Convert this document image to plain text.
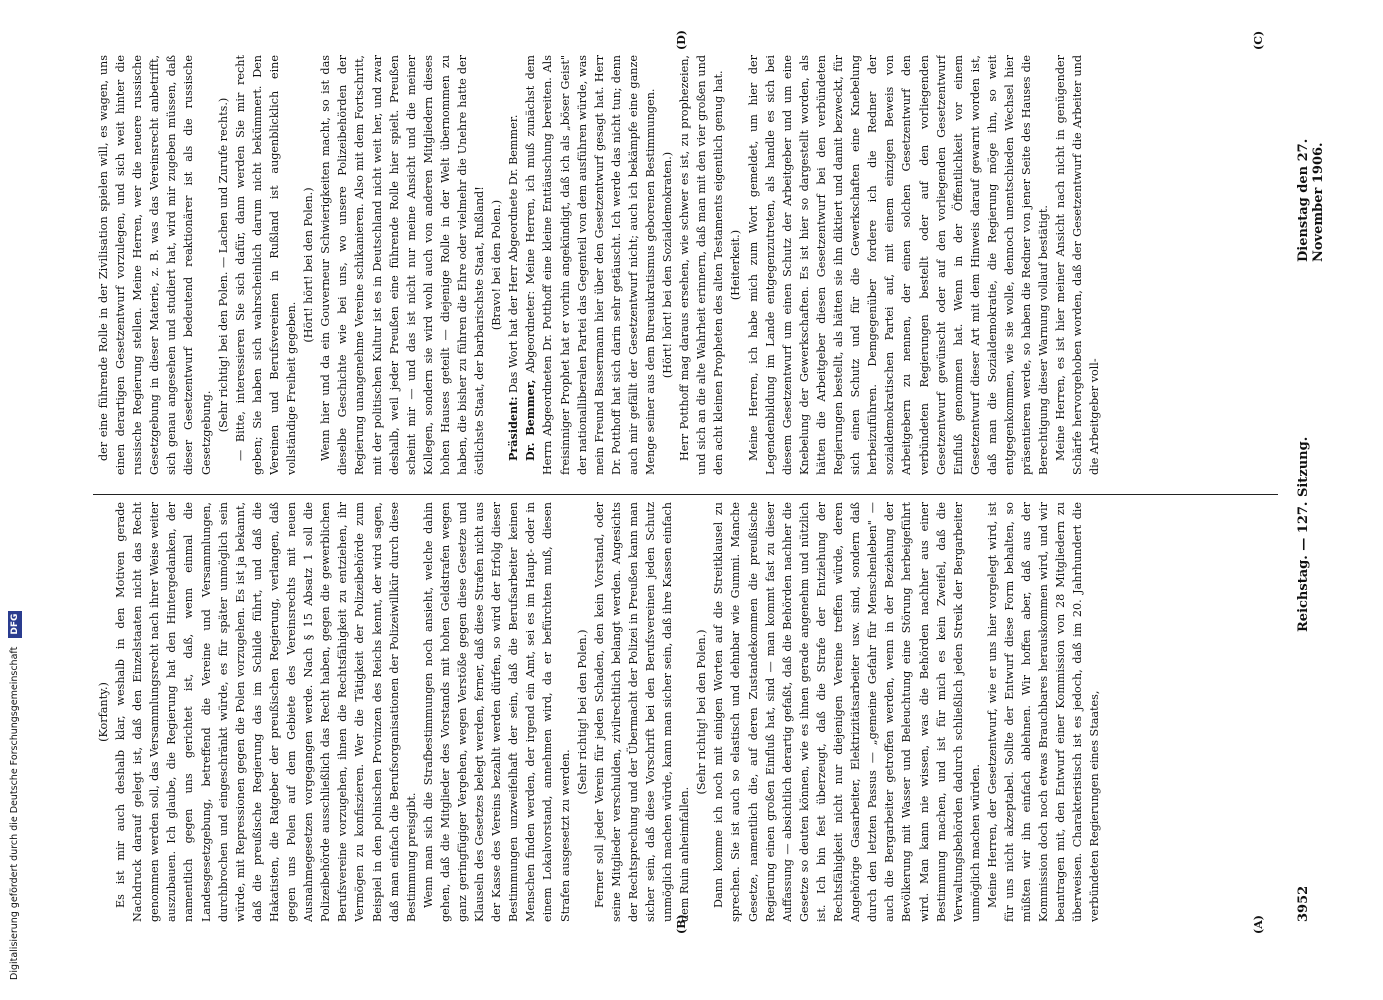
3952
Reichstag. — 127. Sitzung.
Dienstag den 27. November 1906.
(A)
(B)
(C)
(D)

(Korfanty.) Es ist mir auch deshalb klar, weshalb in den Motiven gerade Nachdruck darauf gelegt ist, daß den Einzelstaaten nicht das Recht genommen werden soll, das Versammlungsrecht nach ihrer Weise weiter auszubauen. Ich glaube, die Regierung hat den Hintergedanken, der namentlich gegen uns gerichtet ist, daß, wenn einmal die Landesgesetzgebung, betreffend die Vereine und Versammlungen, durchbrochen und eingeschränkt würde, es für später unmöglich sein würde, mit Repressionen gegen die Polen vorzugehen. Es ist ja bekannt, daß die preußische Regierung das im Schilde führt, und daß die Hakatisten, die Ratgeber der preußischen Regierung, verlangen, daß gegen uns Polen auf dem Gebiete des Vereinsrechts mit neuen Ausnahmegesetzen vorgegangen werde. Nach § 15 Absatz 1 soll die Polizeibehörde ausschließlich das Recht haben, gegen die gewerblichen Berufsvereine vorzugehen, ihnen die Rechtsfähigkeit zu entziehen, ihr Vermögen zu konfiszieren. Wer die Tätigkeit der Polizeibehörde zum Beispiel in den polnischen Provinzen des Reichs kennt, der wird sagen, daß man einfach die Berufsorganisationen der Polizeiwillkür durch diese Bestimmung preisgibt. Wenn man sich die Strafbestimmungen noch ansieht, welche dahin gehen, daß die Mitglieder des Vorstands mit hohen Geldstrafen wegen ganz geringfügiger Vergehen, wegen Verstöße gegen diese Gesetze und Klauseln des Gesetzes belegt werden, ferner, daß diese Strafen nicht aus der Kasse des Vereins bezahlt werden dürfen, so wird der Erfolg dieser Bestimmungen unzweifelhaft der sein, daß die Berufsarbeiter keinen Menschen finden werden, der irgend ein Amt, sei es im Haupt- oder in einem Lokalvorstand, annehmen wird, da er befürchten muß, diesen Strafen ausgesetzt zu werden.

(Sehr richtig! bei den Polen.) Ferner soll jeder Verein für jeden Schaden, den kein Vorstand, oder seine Mitglieder verschulden, zivilrechtlich belangt werden. Angesichts der Rechtsprechung und der Übermacht der Polizei in Preußen kann man sicher sein, daß diese Vorschrift bei den Berufsvereinen jeden Schutz unmöglich machen würde, kann man sicher sein, daß ihre Kassen einfach dem Ruin anheimfallen.

(Sehr richtig! bei den Polen.) Dann komme ich noch mit einigen Worten auf die Streitklausel zu sprechen. Sie ist auch so elastisch und dehnbar wie Gummi. Manche Gesetze, namentlich die, auf deren Zustandekommen die preußische Regierung einen großen Einfluß hat, sind — man kommt fast zu dieser Auffassung — absichtlich derartig gefaßt, daß die Behörden nachher die Gesetze so deuten können, wie es ihnen gerade angenehm und nützlich ist. Ich bin fest überzeugt, daß die Strafe der Entziehung der Rechtsfähigkeit nicht nur diejenigen Vereine treffen würde, deren Angehörige Gasarbeiter, Elektrizitätsarbeiter usw. sind, sondern daß durch den letzten Passus — „gemeine Gefahr für Menschenleben" — auch die Bergarbeiter getroffen werden, wenn in der Beziehung der Bevölkerung mit Wasser und Beleuchtung eine Störung herbeigeführt wird. Man kann nie wissen, was die Behörden nachher aus einer Bestimmung machen, und ist für mich es kein Zweifel, daß die Verwaltungsbehörden dadurch schließlich jeden Streik der Bergarbeiter unmöglich machen würden. Meine Herren, der Gesetzentwurf, wie er uns hier vorgelegt wird, ist für uns nicht akzeptabel. Sollte der Entwurf diese Form behalten, so müßten wir ihn einfach ablehnen. Wir hoffen aber, daß aus der Kommission doch noch etwas Brauchbares herauskommen wird, und wir beantragen mit, den Entwurf einer Kommission von 28 Mitgliedern zu überweisen. Charakteristisch ist es jedoch, daß im 20. Jahrhundert die verbündeten Regierungen eines Staates,

der eine führende Rolle in der Zivilisation spielen will, es wagen, uns einen derartigen Gesetzentwurf vorzulegen, und sich weit hinter die russische Regierung stellen. Meine Herren, wer die neuere russische Gesetzgebung in dieser Materie, z. B. was das Vereinsrecht anbetrifft, sich genau angesehen und studiert hat, wird mir zugeben müssen, daß dieser Gesetzentwurf bedeutend reaktionärer ist als die russische Gesetzgebung.

(Sehr richtig! bei den Polen. — Lachen und Zurufe rechts.) — Bitte, interessieren Sie sich dafür, dann werden Sie mir recht geben; Sie haben sich wahrscheinlich darum nicht bekümmert. Den Vereinen und Berufsvereinen in Rußland ist augenblicklich eine vollständige Freiheit gegeben.

(Hört! hört! bei den Polen.) Wenn hier und da ein Gouverneur Schwierigkeiten macht, so ist das dieselbe Geschichte wie bei uns, wo unsere Polizeibehörden der Regierung unangenehme Vereine schikanieren. Also mit dem Fortschritt, mit der politischen Kultur ist es in Deutschland nicht weit her, und zwar deshalb, weil jeder Preußen eine führende Rolle hier spielt. Preußen scheint mir — und das ist nicht nur meine Ansicht und die meiner Kollegen, sondern sie wird wohl auch von anderen Mitgliedern dieses hohen Hauses geteilt — diejenige Rolle in der Welt übernommen zu haben, die bisher zu führen die Ehre oder vielmehr die Unehre hatte der östlichste Staat, der barbarischste Staat, Rußland! (Bravo! bei den Polen.)

Präsident: Das Wort hat der Herr Abgeordnete Dr. Bemmer.

Dr. Bemmer, Abgeordneter: Meine Herren, ich muß zunächst dem Herrn Abgeordneten Dr. Potthoff eine kleine Enttäuschung bereiten. Als freisinniger Prophet hat er vorhin angekündigt, daß ich als „böser Geist" der nationalliberalen Partei das Gegenteil von dem ausführen würde, was mein Freund Bassermann hier über den Gesetzentwurf gesagt hat. Herr Dr. Potthoff hat sich darin sehr getäuscht. Ich werde das nicht tun; denn auch mir gefällt der Gesetzentwurf nicht; auch ich bekämpfe eine ganze Menge seiner aus dem Bureaukratismus geborenen Bestimmungen. (Hört! hört! bei den Sozialdemokraten.) Herr Potthoff mag daraus ersehen, wie schwer es ist, zu prophezeien, und sich an die alte Wahrheit erinnern, daß man mit den vier großen und den acht kleinen Propheten des alten Testaments eigentlich genug hat. (Heiterkeit.) Meine Herren, ich habe mich zum Wort gemeldet, um hier der Legendenbildung im Lande entgegenzutreten, als handle es sich bei diesem Gesetzentwurf um einen Schutz der Arbeitgeber und um eine Knebelung der Gewerkschaften. Es ist hier so dargestellt worden, als hätten die Arbeitgeber diesen Gesetzentwurf bei den verbündeten Regierungen bestellt, als hätten sie ihn diktiert und damit bezweckt, für sich einen Schutz und für die Gewerkschaften eine Knebelung herbeizuführen. Demgegenüber fordere ich die Redner der sozialdemokratischen Partei auf, mit einem einzigen Beweis von Arbeitgebern zu nennen, der einen solchen Gesetzentwurf den verbündeten Regierungen bestellt oder auf den vorliegenden Gesetzentwurf gewünscht oder auf den vorliegenden Gesetzentwurf Einfluß genommen hat. Wenn in der Öffentlichkeit vor einem Gesetzentwurf dieser Art mit dem Hinweis darauf gewarnt worden ist, daß man die Sozialdemokratie, die Regierung möge ihn, so weit entgegenkommen, wie sie wolle, dennoch unentschieden Wechsel hier präsentieren werde, so haben die Redner von jener Seite des Hauses die Berechtigung dieser Warnung vollauf bestätigt. Meine Herren, es ist hier meiner Ansicht nach nicht in genügender Schärfe hervorgehoben worden, daß der Gesetzentwurf die Arbeiter und die Arbeitgeber voll-

Digitalisierung gefördert durch die Deutsche Forschungsgemeinschaft DFG
